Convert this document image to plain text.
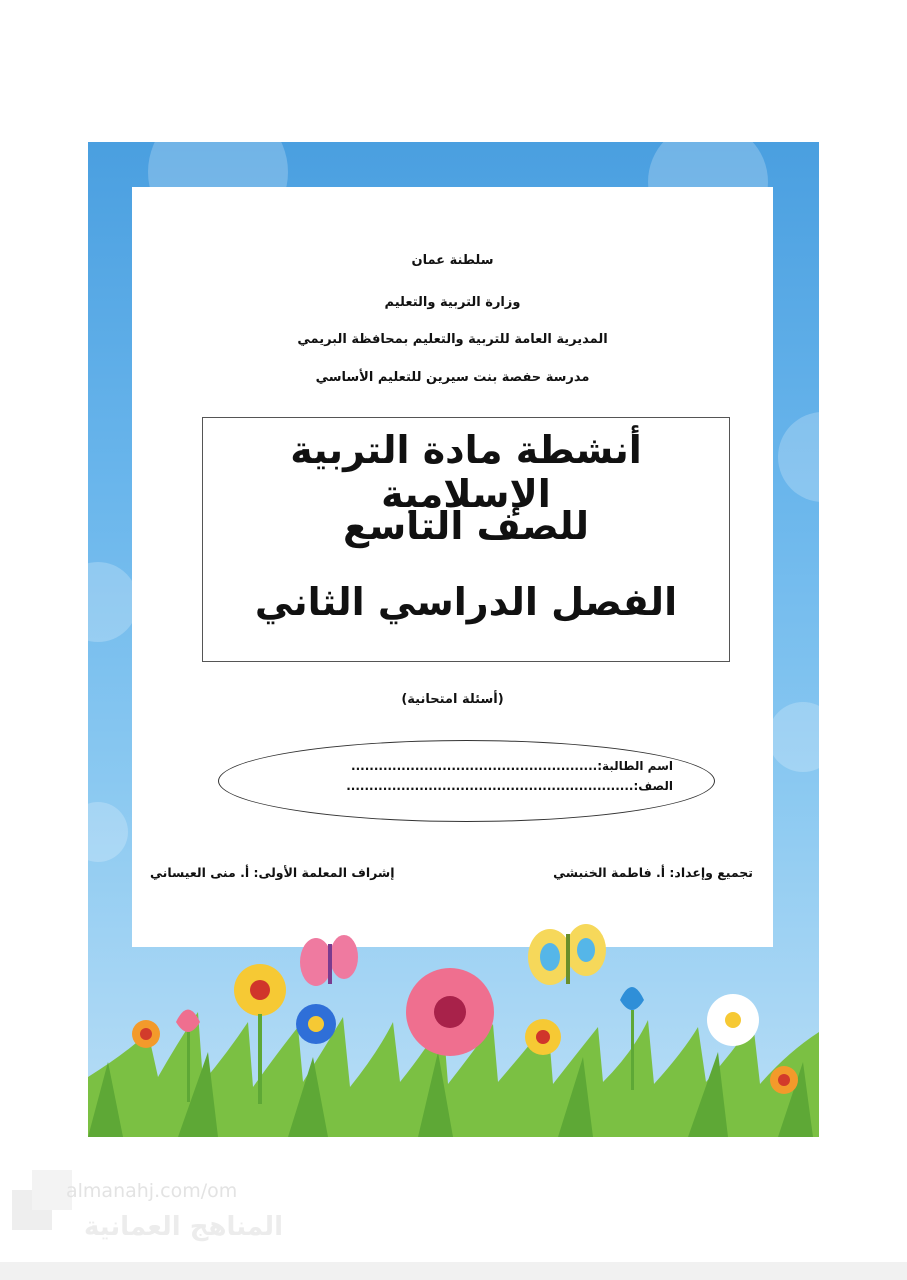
سلطنة عمان
وزارة التربية والتعليم
المديرية العامة للتربية والتعليم بمحافظة البريمي
مدرسة حفصة بنت سيرين للتعليم الأساسي
أنشطة مادة التربية الإسلامية
للصف التاسع
الفصل الدراسي الثاني
(أسئلة امتحانية)
اسم الطالبة:......................................................
الصف:...............................................................
تجميع وإعداد: أ. فاطمة الخنبشي
إشراف المعلمة الأولى: أ. منى العيساني
almanahj.com/om
المناهج العمانية
